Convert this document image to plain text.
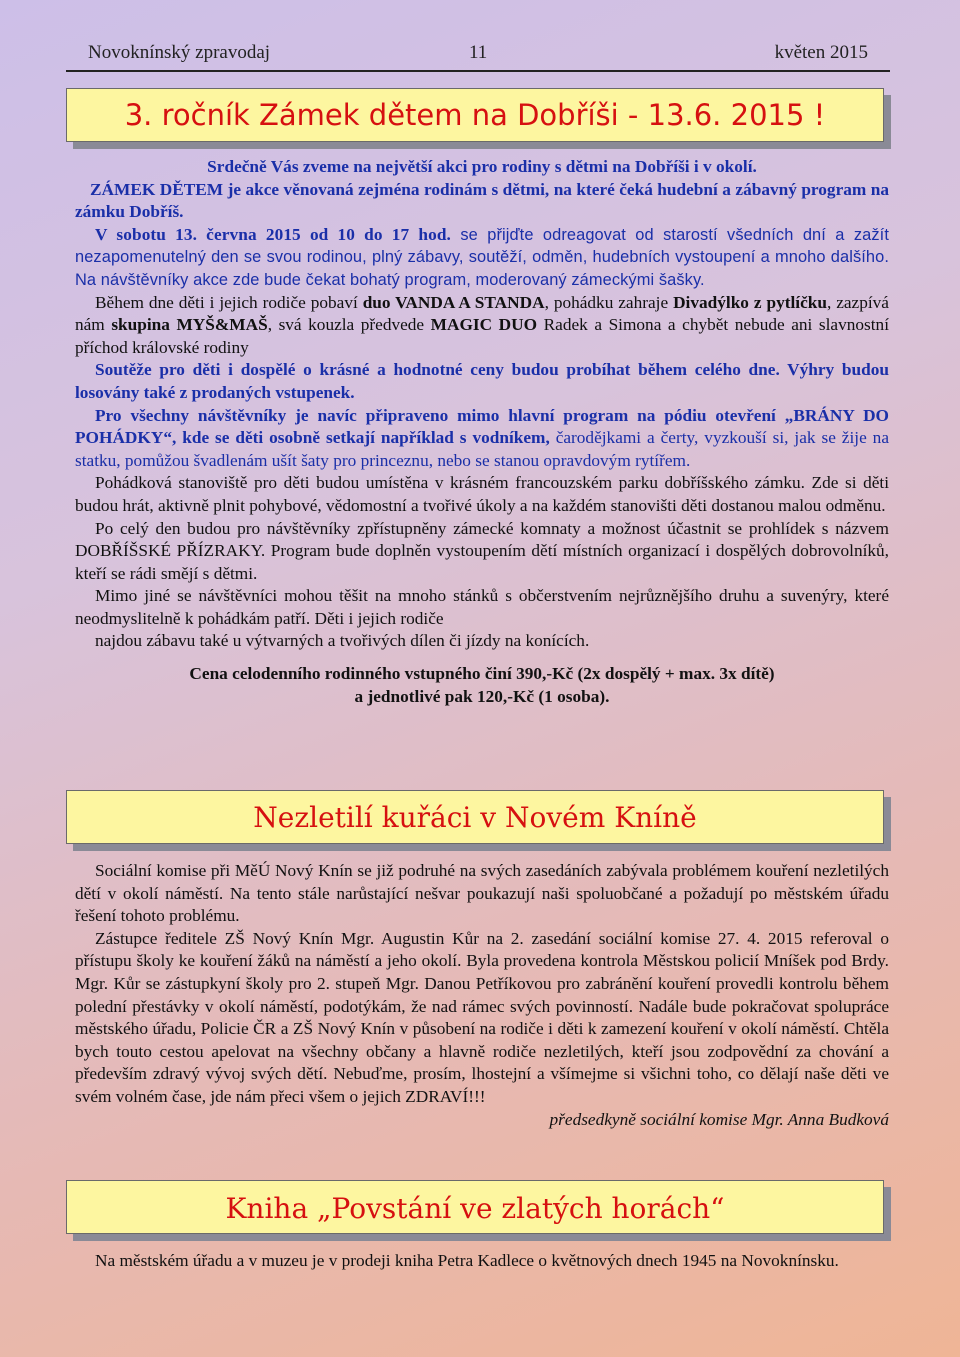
Novoknínský zpravodaj	11	květen 2015
3. ročník Zámek dětem na Dobříši - 13.6. 2015 !

Srdečně Vás zveme na největší akci pro rodiny s dětmi na Dobříši i v okolí.

ZÁMEK DĚTEM je akce věnovaná zejména rodinám s dětmi, na které čeká hudební a zábavný program na zámku Dobříš.

V sobotu 13. června 2015 od 10 do 17 hod. se přijďte odreagovat od starostí všedních dní a zažít nezapomenutelný den se svou rodinou, plný zábavy, soutěží, odměn, hudebních vystoupení a mnoho dalšího. Na návštěvníky akce zde bude čekat bohatý program, moderovaný zámeckými šašky.

Během dne děti i jejich rodiče pobaví duo VANDA A STANDA, pohádku zahraje Divadýlko z pytlíčku, zazpívá nám skupina MYŠ&MAŠ, svá kouzla předvede MAGIC DUO Radek a Simona a chybět nebude ani slavnostní příchod královské rodiny

Soutěže pro děti i dospělé o krásné a hodnotné ceny budou probíhat během celého dne. Výhry budou losovány také z prodaných vstupenek.

Pro všechny návštěvníky je navíc připraveno mimo hlavní program na pódiu otevření „BRÁNY DO POHÁDKY“, kde se děti osobně setkají například s vodníkem, čarodějkami a čerty, vyzkouší si, jak se žije na statku, pomůžou švadlenám ušít šaty pro princeznu, nebo se stanou opravdovým rytířem.

Pohádková stanoviště pro děti budou umístěna v krásném francouzském parku dobříšského zámku. Zde si děti budou hrát, aktivně plnit pohybové, vědomostní a tvořivé úkoly a na každém stanovišti děti dostanou malou odměnu.

Po celý den budou pro návštěvníky zpřístupněny zámecké komnaty a možnost účastnit se prohlídek s názvem DOBŘÍŠSKÉ PŘÍZRAKY. Program bude doplněn vystoupením dětí místních organizací i dospělých dobrovolníků, kteří se rádi smějí s dětmi.

Mimo jiné se návštěvníci mohou těšit na mnoho stánků s občerstvením nejrůznějšího druhu a suvenýry, které neodmyslitelně k pohádkám patří. Děti i jejich rodiče

najdou zábavu také u výtvarných a tvořivých dílen či jízdy na konících.

Cena celodenního rodinného vstupného činí 390,-Kč (2x dospělý + max. 3x dítě)

a jednotlivé pak 120,-Kč (1 osoba).

Nezletilí kuřáci v Novém Kníně

Sociální komise při MěÚ Nový Knín se již podruhé na svých zasedáních zabývala problémem kouření nezletilých dětí v okolí náměstí. Na tento stále narůstající nešvar poukazují naši spoluobčané a požadují po městském úřadu řešení tohoto problému.

Zástupce ředitele ZŠ Nový Knín Mgr. Augustin Kůr na 2. zasedání sociální komise 27. 4. 2015 referoval o přístupu školy ke kouření žáků na náměstí a jeho okolí. Byla provedena kontrola Městskou policií Mníšek pod Brdy. Mgr. Kůr se zástupkyní školy pro 2. stupeň Mgr. Danou Petříkovou pro zabránění kouření provedli kontrolu během polední přestávky v okolí náměstí, podotýkám, že nad rámec svých povinností. Nadále bude pokračovat spolupráce městského úřadu, Policie ČR a ZŠ Nový Knín v působení na rodiče i děti k zamezení kouření v okolí náměstí. Chtěla bych touto cestou apelovat na všechny občany a hlavně rodiče nezletilých, kteří jsou zodpovědní za chování a především zdravý vývoj svých dětí. Nebuďme, prosím, lhostejní a všímejme si všichni toho, co dělají naše děti ve svém volném čase, jde nám přeci všem o jejich ZDRAVÍ!!!

předsedkyně sociální komise Mgr. Anna Budková

Kniha „Povstání ve zlatých horách“

Na městském úřadu a v muzeu je v prodeji kniha Petra Kadlece o květnových dnech 1945 na Novoknínsku.
